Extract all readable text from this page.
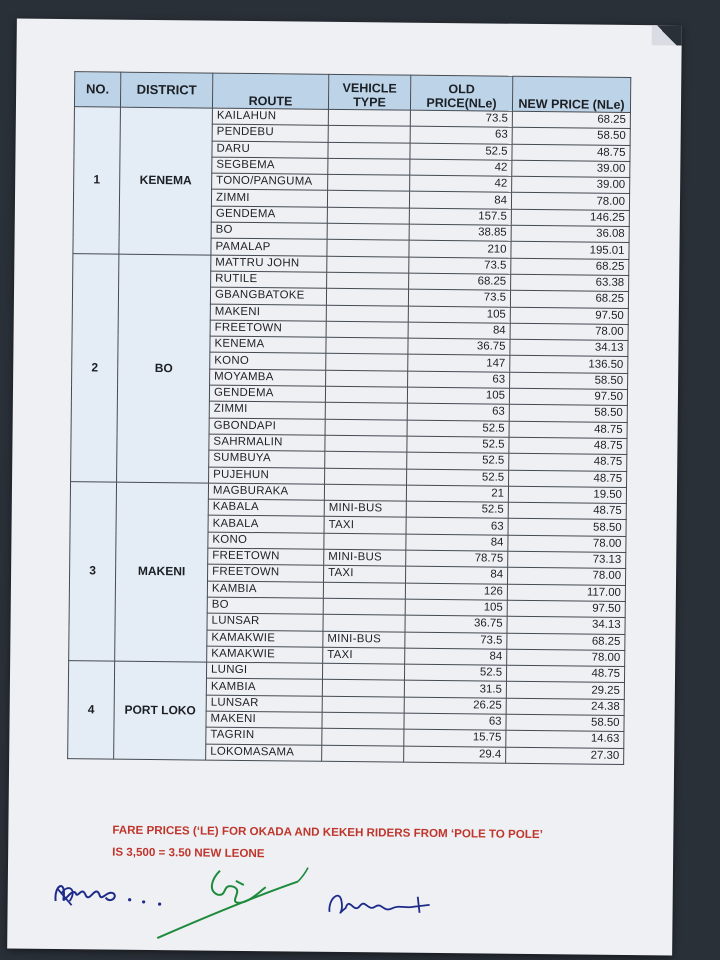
NO.	DISTRICT	ROUTE	VEHICLE TYPE	OLD PRICE(NLe)	NEW PRICE (NLe)
1	KENEMA	KAILAHUN		73.5	68.25
		PENDEBU		63	58.50
		DARU		52.5	48.75
		SEGBEMA		42	39.00
		TONO/PANGUMA		42	39.00
		ZIMMI		84	78.00
		GENDEMA		157.5	146.25
		BO		38.85	36.08
		PAMALAP		210	195.01
2	BO	MATTRU JOHN		73.5	68.25
		RUTILE		68.25	63.38
		GBANGBATOKE		73.5	68.25
		MAKENI		105	97.50
		FREETOWN		84	78.00
		KENEMA		36.75	34.13
		KONO		147	136.50
		MOYAMBA		63	58.50
		GENDEMA		105	97.50
		ZIMMI		63	58.50
		GBONDAPI		52.5	48.75
		SAHRMALIN		52.5	48.75
		SUMBUYA		52.5	48.75
		PUJEHUN		52.5	48.75
3	MAKENI	MAGBURAKA		21	19.50
		KABALA	MINI-BUS	52.5	48.75
		KABALA	TAXI	63	58.50
		KONO		84	78.00
		FREETOWN	MINI-BUS	78.75	73.13
		FREETOWN	TAXI	84	78.00
		KAMBIA		126	117.00
		BO		105	97.50
		LUNSAR		36.75	34.13
		KAMAKWIE	MINI-BUS	73.5	68.25
		KAMAKWIE	TAXI	84	78.00
4	PORT LOKO	LUNGI		52.5	48.75
		KAMBIA		31.5	29.25
		LUNSAR		26.25	24.38
		MAKENI		63	58.50
		TAGRIN		15.75	14.63
		LOKOMASAMA		29.4	27.30
FARE PRICES (‘LE) FOR OKADA AND KEKEH RIDERS FROM ‘POLE TO POLE’
IS 3,500 = 3.50 NEW LEONE
